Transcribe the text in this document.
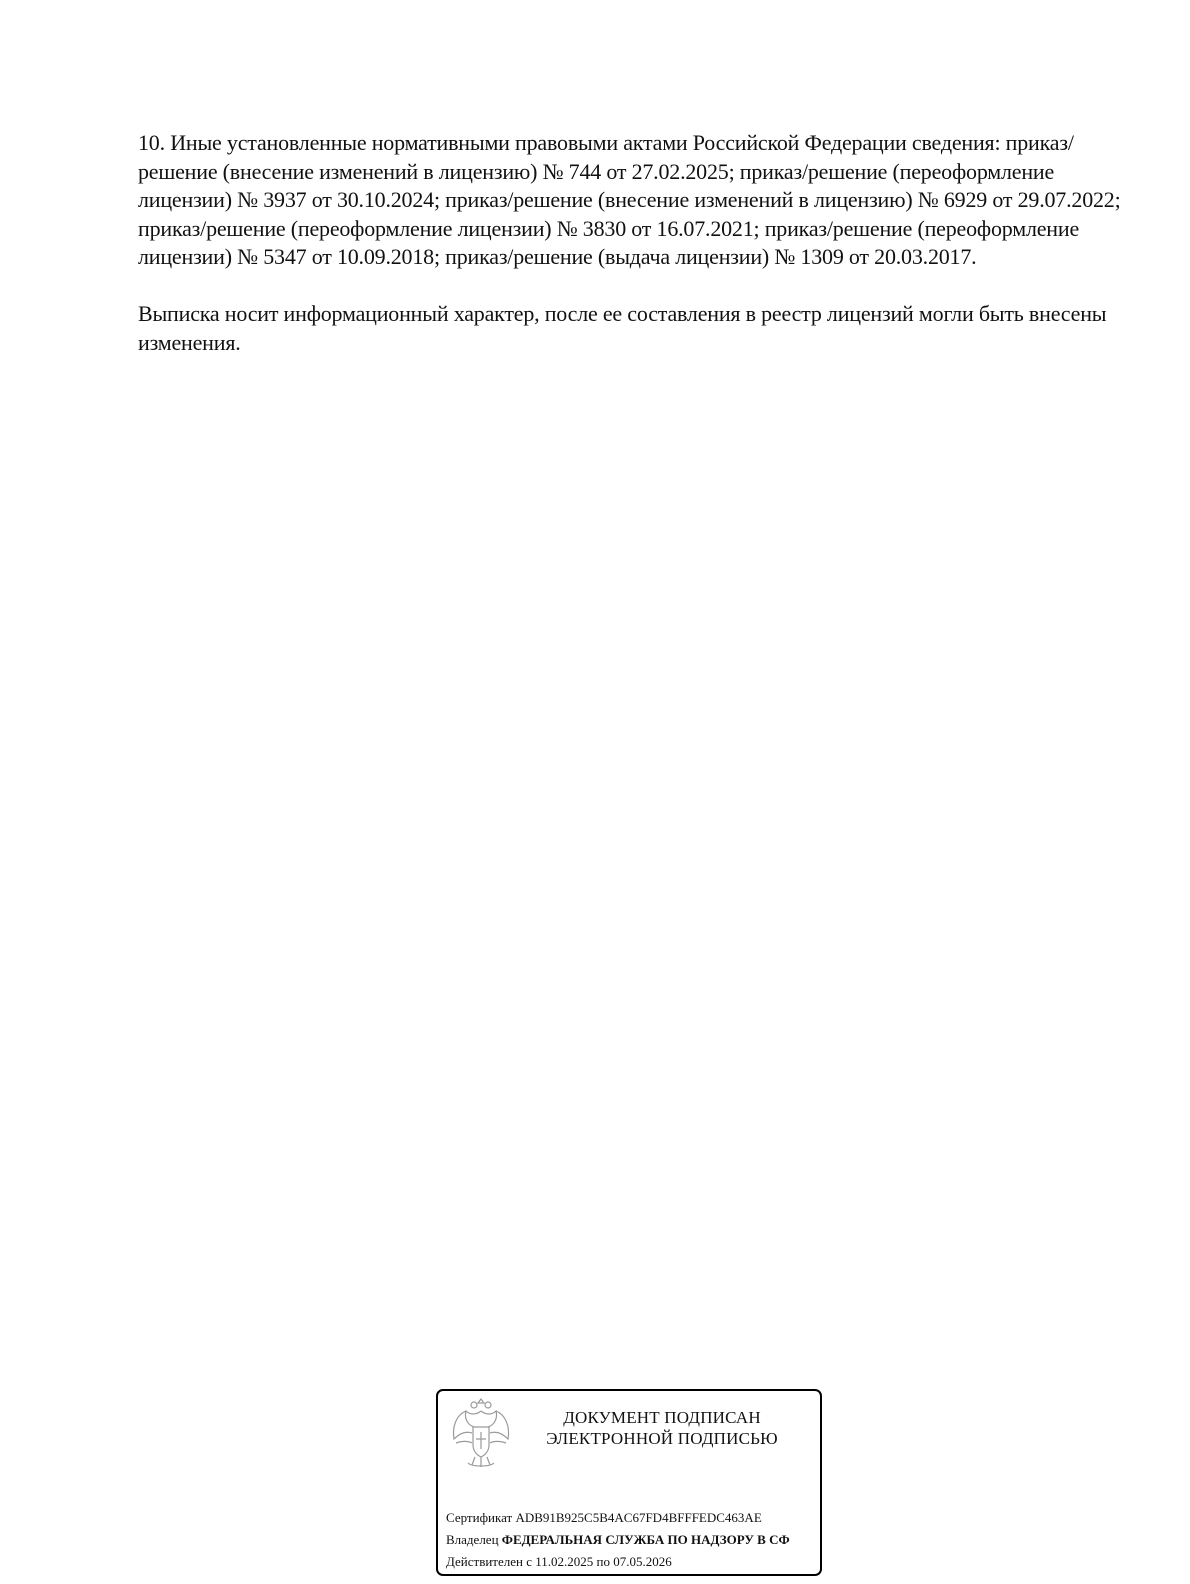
10. Иные установленные нормативными правовыми актами Российской Федерации сведения: приказ/решение (внесение изменений в лицензию) № 744 от 27.02.2025; приказ/решение (переоформление лицензии) № 3937 от 30.10.2024; приказ/решение (внесение изменений в лицензию) № 6929 от 29.07.2022; приказ/решение (переоформление лицензии) № 3830 от 16.07.2021; приказ/решение (переоформление лицензии) № 5347 от 10.09.2018; приказ/решение (выдача лицензии) № 1309 от 20.03.2017.

Выписка носит информационный характер, после ее составления в реестр лицензий могли быть внесены изменения.

ДОКУМЕНТ ПОДПИСАН
ЭЛЕКТРОННОЙ ПОДПИСЬЮ
Сертификат ADB91B925C5B4AC67FD4BFFFEDC463AE
Владелец ФЕДЕРАЛЬНАЯ СЛУЖБА ПО НАДЗОРУ В СФ
Действителен с 11.02.2025 по 07.05.2026
